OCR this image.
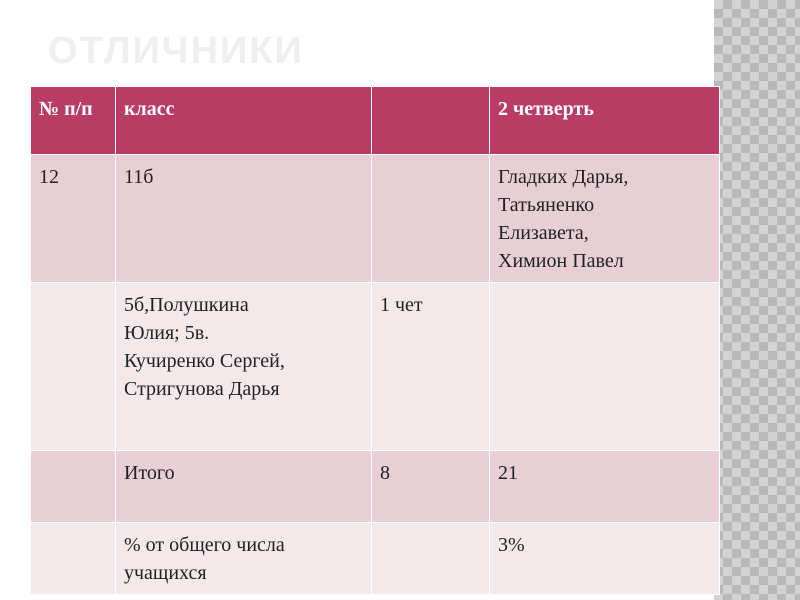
ОТЛИЧНИКИ
№ п/п	класс		2 четверть
12	11б		Гладких Дарья,
Татьяненко
Елизавета,
Химион Павел
	5б,Полушкина
Юлия; 5в.
Кучиренко Сергей,
Стригунова Дарья	1 чет	
	Итого	8	21
	% от общего числа
учащихся		3%
